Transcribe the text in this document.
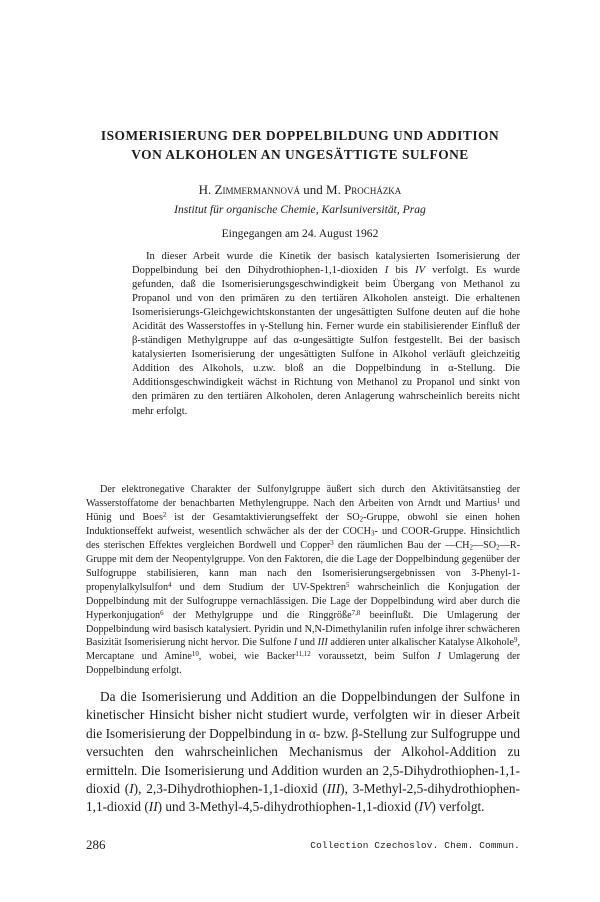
ISOMERISIERUNG DER DOPPELBILDUNG UND ADDITION
VON ALKOHOLEN AN UNGESÄTTIGTE SULFONE
H. Zimmermannová und M. Procházka
Institut für organische Chemie, Karlsuniversität, Prag
Eingegangen am 24. August 1962

In dieser Arbeit wurde die Kinetik der basisch katalysierten Isomerisierung der Doppelbindung bei den Dihydrothiophen-1,1-dioxiden I bis IV verfolgt. Es wurde gefunden, daß die Isomerisierungsgeschwindigkeit beim Übergang von Methanol zu Propanol und von den primären zu den tertiären Alkoholen ansteigt. Die erhaltenen Isomerisierungs-Gleichgewichtskonstanten der ungesättigten Sulfone deuten auf die hohe Acidität des Wasserstoffes in γ-Stellung hin. Ferner wurde ein stabilisierender Einfluß der β-ständigen Methylgruppe auf das α-ungesättigte Sulfon festgestellt. Bei der basisch katalysierten Isomerisierung der ungesättigten Sulfone in Alkohol verläuft gleichzeitig Addition des Alkohols, u.zw. bloß an die Doppelbindung in α-Stellung. Die Additionsgeschwindigkeit wächst in Richtung von Methanol zu Propanol und sinkt von den primären zu den tertiären Alkoholen, deren Anlagerung wahrscheinlich bereits nicht mehr erfolgt.

Der elektronegative Charakter der Sulfonylgruppe äußert sich durch den Aktivitätsanstieg der Wasserstoffatome der benachbarten Methylengruppe. Nach den Arbeiten von Arndt und Martius$^1$ und Hünig und Boes$^2$ ist der Gesamtaktivierungseffekt der $SO_2$-Gruppe, obwohl sie einen hohen Induktionseffekt aufweist, wesentlich schwächer als der der $COCH_3-$ und COOR-Gruppe. Hinsichtlich des sterischen Effektes vergleichen Bordwell und Copper$^3$ den räumlichen Bau der $—CH_2—SO_2—R$-Gruppe mit dem der Neopentylgruppe. Von den Faktoren, die die Lage der Doppelbindung gegenüber der Sulfogruppe stabilisieren, kann man nach den Isomerisierungsergebnissen von 3-Phenyl-1-propenylalkylsulfon$^4$ und dem Studium der UV-Spektren$^5$ wahrscheinlich die Konjugation der Doppelbindung mit der Sulfogruppe vernachlässigen. Die Lage der Doppelbindung wird aber durch die Hyperkonjugation$^6$ der Methylgruppe und die Ringgröße$^{7,8}$ beeinflußt. Die Umlagerung der Doppelbindung wird basisch katalysiert. Pyridin und N,N-Dimethylanilin rufen infolge ihrer schwächeren Basizität Isomerisierung nicht hervor. Die Sulfone I und III addieren unter alkalischer Katalyse Alkohole$^9$, Mercaptane und Amine$^{10}$, wobei, wie Backer$^{11,12}$ voraussetzt, beim Sulfon I Umlagerung der Doppelbindung erfolgt.

Da die Isomerisierung und Addition an die Doppelbindungen der Sulfone in kinetischer Hinsicht bisher nicht studiert wurde, verfolgten wir in dieser Arbeit die Isomerisierung der Doppelbindung in α- bzw. β-Stellung zur Sulfogruppe und versuchten den wahrscheinlichen Mechanismus der Alkohol-Addition zu ermitteln. Die Isomerisierung und Addition wurden an 2,5-Dihydrothiophen-1,1-dioxid (I), 2,3-Dihydrothiophen-1,1-dioxid (III), 3-Methyl-2,5-dihydrothiophen-1,1-dioxid (II) und 3-Methyl-4,5-dihydrothiophen-1,1-dioxid (IV) verfolgt.

286	Collection Czechoslov. Chem. Commun.
